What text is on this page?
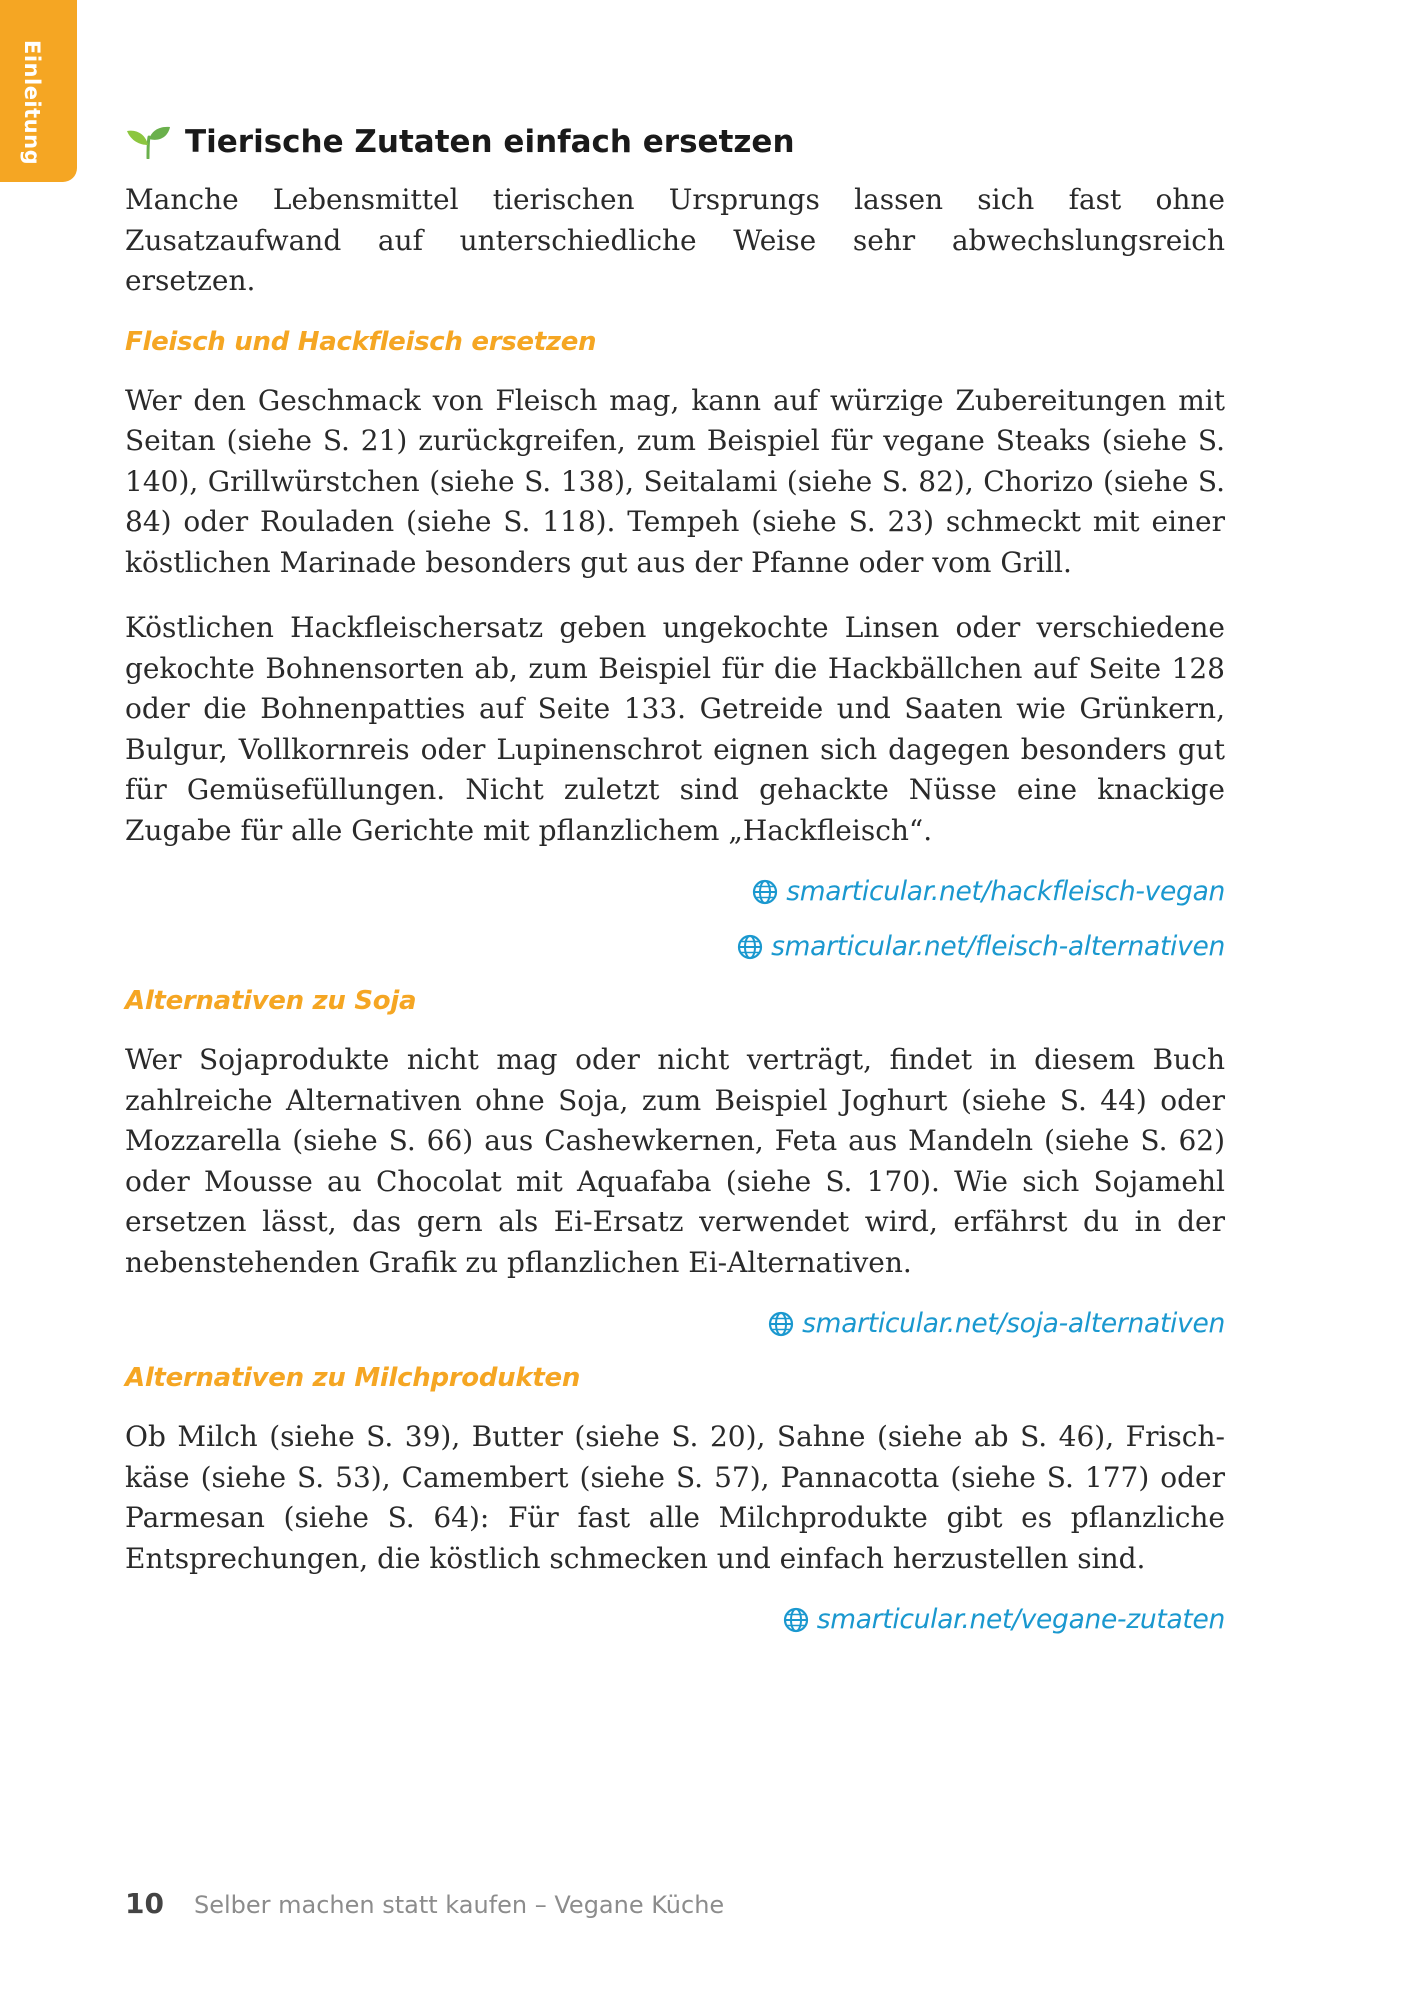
Einleitung	Tierische Zutaten einfach ersetzen

Manche Lebensmittel tierischen Ursprungs lassen sich fast ohne Zusatzaufwand auf unterschiedliche Weise sehr abwechslungsreich ersetzen.

Fleisch und Hackfleisch ersetzen

Wer den Geschmack von Fleisch mag, kann auf würzige Zubereitungen mit Seitan (siehe S. 21) zurückgreifen, zum Beispiel für vegane Steaks (siehe S. 140), Grillwürstchen (siehe S. 138), Seitalami (siehe S. 82), Chorizo (siehe S. 84) oder Rouladen (siehe S. 118). Tempeh (siehe S. 23) schmeckt mit einer köstlichen Marinade besonders gut aus der Pfanne oder vom Grill.

Köstlichen Hackfleischersatz geben ungekochte Linsen oder verschiedene gekochte Bohnensorten ab, zum Beispiel für die Hackbällchen auf Seite 128 oder die Bohnenpatties auf Seite 133. Getreide und Saaten wie Grünkern, Bulgur, Vollkornreis oder Lupinenschrot eignen sich dagegen besonders gut für Gemüsefüllungen. Nicht zuletzt sind gehackte Nüsse eine knackige Zugabe für alle Gerichte mit pflanzlichem „Hackfleisch“.

smarticular.net/hackfleisch-vegan
smarticular.net/fleisch-alternativen
Alternativen zu Soja

Wer Sojaprodukte nicht mag oder nicht verträgt, findet in diesem Buch zahlreiche Alternativen ohne Soja, zum Beispiel Joghurt (siehe S. 44) oder Mozzarella (siehe S. 66) aus Cashewkernen, Feta aus Mandeln (siehe S. 62) oder Mousse au Chocolat mit Aquafaba (siehe S. 170). Wie sich Sojamehl ersetzen lässt, das gern als Ei-Ersatz verwendet wird, erfährst du in der nebenstehenden Grafik zu pflanzlichen Ei-Alternativen.

smarticular.net/soja-alternativen
Alternativen zu Milchprodukten

Ob Milch (siehe S. 39), Butter (siehe S. 20), Sahne (siehe ab S. 46), Frischkäse (siehe S. 53), Camembert (siehe S. 57), Pannacotta (siehe S. 177) oder Parmesan (siehe S. 64): Für fast alle Milchprodukte gibt es pflanzliche Entsprechungen, die köstlich schmecken und einfach herzustellen sind.

smarticular.net/vegane-zutaten
10 Selber machen statt kaufen – Vegane Küche
